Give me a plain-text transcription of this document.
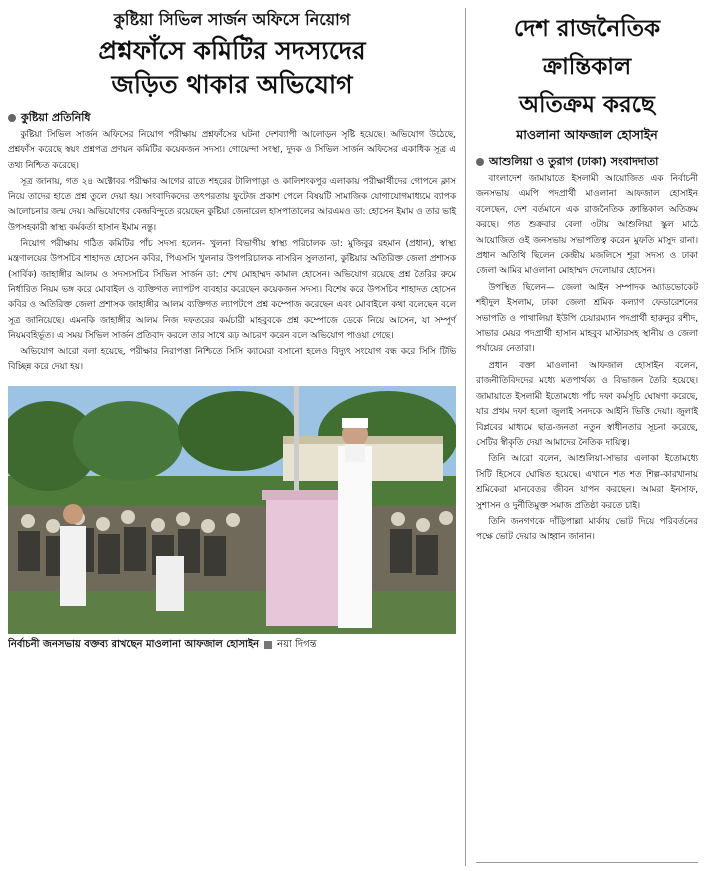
কুষ্টিয়া সিভিল সার্জন অফিসে নিয়োগ
প্রশ্নফাঁসে কমিটির সদস্যদের
জড়িত থাকার অভিযোগ
কুষ্টিয়া প্রতিনিধি

কুষ্টিয়া সিভিল সার্জন অফিসের নিয়োগ পরীক্ষায় প্রশ্নফাঁসের ঘটনা দেশব্যাপী আলোড়ন সৃষ্টি হয়েছে। অভিযোগ উঠেছে, প্রশ্নফাঁস করেছে স্বয়ং প্রশ্নপত্র প্রণয়ন কমিটির কয়েকজন সদস্য। গোয়েন্দা সংস্থা, দুদক ও সিভিল সার্জন অফিসের একাধিক সূত্র এ তথ্য নিশ্চিত করেছে।

সূত্র জানায়, গত ২৪ অক্টোবর পরীক্ষার আগের রাতে শহরের টালিপাড়া ও কালিশংকপুর এলাকায় পরীক্ষার্থীদের গোপনে ক্লাস নিয়ে তাদের হাতে প্রশ্ন তুলে দেয়া হয়। সংবাদিকদের তৎপরতায় ফুটেজ প্রকাশ পেলে বিষয়টি সামাজিক যোগাযোগমাধ্যমে ব্যাপক আলোচনার জন্ম দেয়। অভিযোগের কেন্দ্রবিন্দুতে রয়েছেন কুষ্টিয়া জেনারেল হাসপাতালের আরএমও ডা: হোসেন ইমাম ও তার ভাই উপসহকারী স্বাস্থ্য কর্মকর্তা হাসান ইমাম নন্তু।

নিয়োগ পরীক্ষায় গঠিত কমিটির পাঁচ সদস্য হলেন- খুলনা বিভাগীয় স্বাস্থ্য পরিচালক ডা: মুজিবুর রহমান (প্রধান), স্বাস্থ্য মন্ত্রণালয়ের উপসচিব শাহাদত হোসেন কবির, পিএসসি খুলনার উপপরিচালক নাসরিন সুলতানা, কুষ্টিয়ার অতিরিক্ত জেলা প্রশাসক (সার্বিক) জাহাঙ্গীর আলম ও সদস্যসচিব সিভিল সার্জন ডা: শেখ মোহাম্মদ কামাল হোসেন। অভিযোগ রয়েছে প্রশ্ন তৈরির রুমে নির্ধারিত নিয়ম ভঙ্গ করে মোবাইল ও ব্যক্তিগত ল্যাপটপ ব্যবহার করেছেন কয়েকজন সদস্য। বিশেষ করে উপসচিব শাহাদত হোসেন কবির ও অতিরিক্ত জেলা প্রশাসক জাহাঙ্গীর আলম ব্যক্তিগত ল্যাপটপে প্রশ্ন কম্পোজ করেছেন এবং মোবাইলে কথা বলেছেন বলে সূত্র জানিয়েছে। এমনকি জাহাঙ্গীর আলম নিজ দফতরের কর্মচারী মাহবুবকে প্রশ্ন কম্পোজে ডেকে নিয়ে আসেন, যা সম্পূর্ণ নিয়মবহির্ভূত। এ সময় সিভিল সার্জন প্রতিবাদ করলে তার সাথে রূঢ় আচরণ করেন বলে অভিযোগ পাওয়া গেছে।

অভিযোগ আরো বলা হয়েছে, পরীক্ষার নিরাপত্তা নিশ্চিতে সিসি ক্যামেরা বসানো হলেও বিদ্যুৎ সংযোগ বন্ধ করে সিসি টিভি বিচ্ছিন্ন করে দেয়া হয়।

নির্বাচনী জনসভায় বক্তব্য রাখছেন মাওলানা আফজাল হোসাইন নয়া দিগন্ত
দেশ রাজনৈতিক
ক্রান্তিকাল
অতিক্রম করছে
মাওলানা আফজাল হোসাইন
আশুলিয়া ও তুরাগ (ঢাকা) সংবাদদাতা

বাংলাদেশ জামায়াতে ইসলামী আয়োজিত এক নির্বাচনী জনসভায় এমপি পদপ্রার্থী মাওলানা আফজাল হোসাইন বলেছেন, দেশ বর্তমানে এক রাজনৈতিক ক্রান্তিকাল অতিক্রম করছে। গত শুক্রবার বেলা ৩টায় আশুলিয়া স্কুল মাঠে আয়োজিত ওই জনসভায় সভাপতিত্ব করেন মুফতি মাসুদ রানা। প্রধান অতিথি ছিলেন কেন্দ্রীয় মজলিসে শূরা সদস্য ও ঢাকা জেলা আমির মাওলানা মোহাম্মদ দেলোয়ার হোসেন।

উপস্থিত ছিলেন— জেলা আইন সম্পাদক অ্যাডভোকেট শহীদুল ইসলাম, ঢাকা জেলা শ্রমিক কল্যাণ ফেডারেশনের সভাপতি ও পাথালিয়া ইউপি চেয়ারম্যান পদপ্রার্থী হারুনুর রশীদ, সাভার মেয়র পদপ্রার্থী হাসান মাহবুব মাস্টারসহ স্থানীয় ও জেলা পর্যায়ের নেতারা।

প্রধান বক্তা মাওলানা আফজাল হোসাইন বলেন, রাজনীতিবিদদের মধ্যে মতপার্থক্য ও বিভাজন তৈরি হয়েছে। জামায়াতে ইসলামী ইতোমধ্যে পাঁচ দফা কর্মসূচি ঘোষণা করেছে, যার প্রথম দফা হলো জুলাই সনদকে আইনি ভিত্তি দেয়া। জুলাই বিপ্লবের মাধ্যমে ছাত্র-জনতা নতুন স্বাধীনতার সূচনা করেছে, সেটির স্বীকৃতি দেয়া আমাদের নৈতিক দায়িত্ব।

তিনি আরো বলেন, আশুলিয়া-সাভার এলাকা ইতোমধ্যে সিটি হিসেবে ঘোষিত হয়েছে। এখানে শত শত শিল্প-কারখানায় শ্রমিকেরা মানবেতর জীবন যাপন করছেন। আমরা ইনসাফ, সুশাসন ও দুর্নীতিমুক্ত সমাজ প্রতিষ্ঠা করতে চাই।

তিনি জনগণকে দাঁড়িপাল্লা মার্কায় ভোট দিয়ে পরিবর্তনের পক্ষে ভোট দেয়ার আহ্বান জানান।
